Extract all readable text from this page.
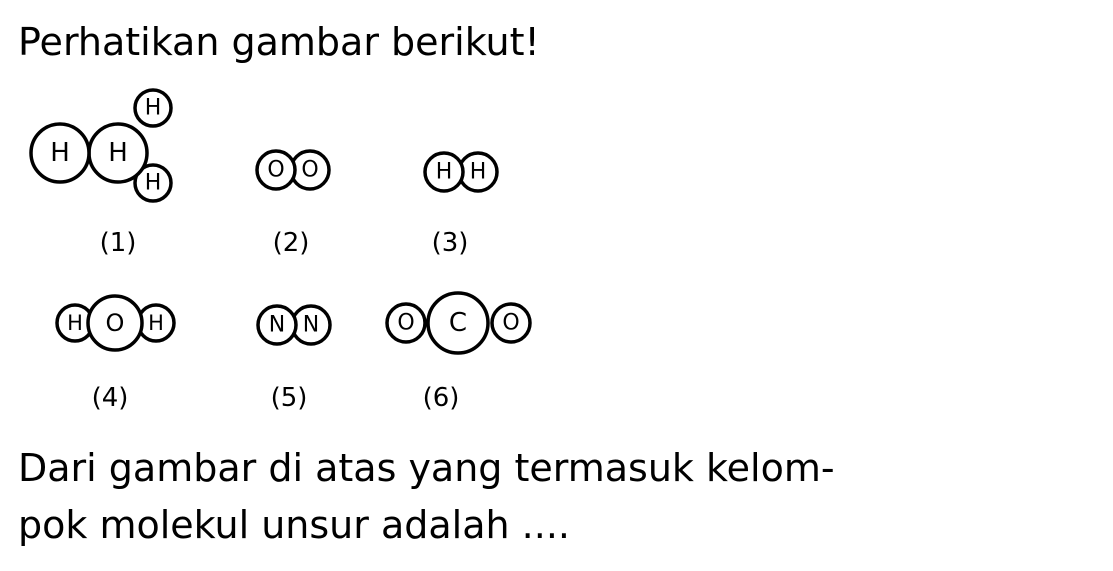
Perhatikan gambar berikut!
H
H
H
H
(1)
O
O
(2)
H
H
(3)
H
H O
(4)
N
N
(5)
O
O C
(6)
Dari gambar di atas yang termasuk kelom-
pok molekul unsur adalah ....
